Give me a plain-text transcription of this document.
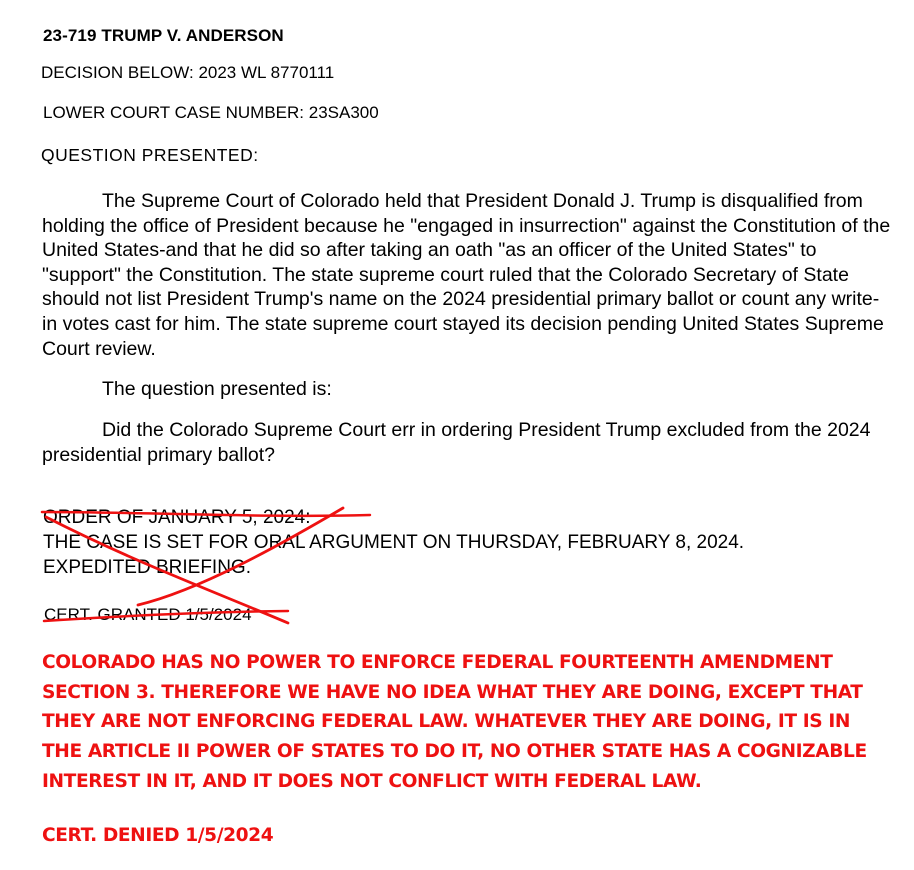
23-719 TRUMP V. ANDERSON
DECISION BELOW: 2023 WL 8770111
LOWER COURT CASE NUMBER: 23SA300
QUESTION PRESENTED:
The Supreme Court of Colorado held that President Donald J. Trump is disqualified from holding the office of President because he "engaged in insurrection" against the Constitution of the United States-and that he did so after taking an oath "as an officer of the United States" to "support" the Constitution. The state supreme court ruled that the Colorado Secretary of State should not list President Trump's name on the 2024 presidential primary ballot or count any write-in votes cast for him. The state supreme court stayed its decision pending United States Supreme Court review.
The question presented is:
Did the Colorado Supreme Court err in ordering President Trump excluded from the 2024 presidential primary ballot?
ORDER OF JANUARY 5, 2024:
THE CASE IS SET FOR ORAL ARGUMENT ON THURSDAY, FEBRUARY 8, 2024.
EXPEDITED BRIEFING.
CERT. GRANTED 1/5/2024
COLORADO HAS NO POWER TO ENFORCE FEDERAL FOURTEENTH AMENDMENT
SECTION 3. THEREFORE WE HAVE NO IDEA WHAT THEY ARE DOING, EXCEPT THAT
THEY ARE NOT ENFORCING FEDERAL LAW. WHATEVER THEY ARE DOING, IT IS IN
THE ARTICLE II POWER OF STATES TO DO IT, NO OTHER STATE HAS A COGNIZABLE
INTEREST IN IT, AND IT DOES NOT CONFLICT WITH FEDERAL LAW.
CERT. DENIED 1/5/2024
